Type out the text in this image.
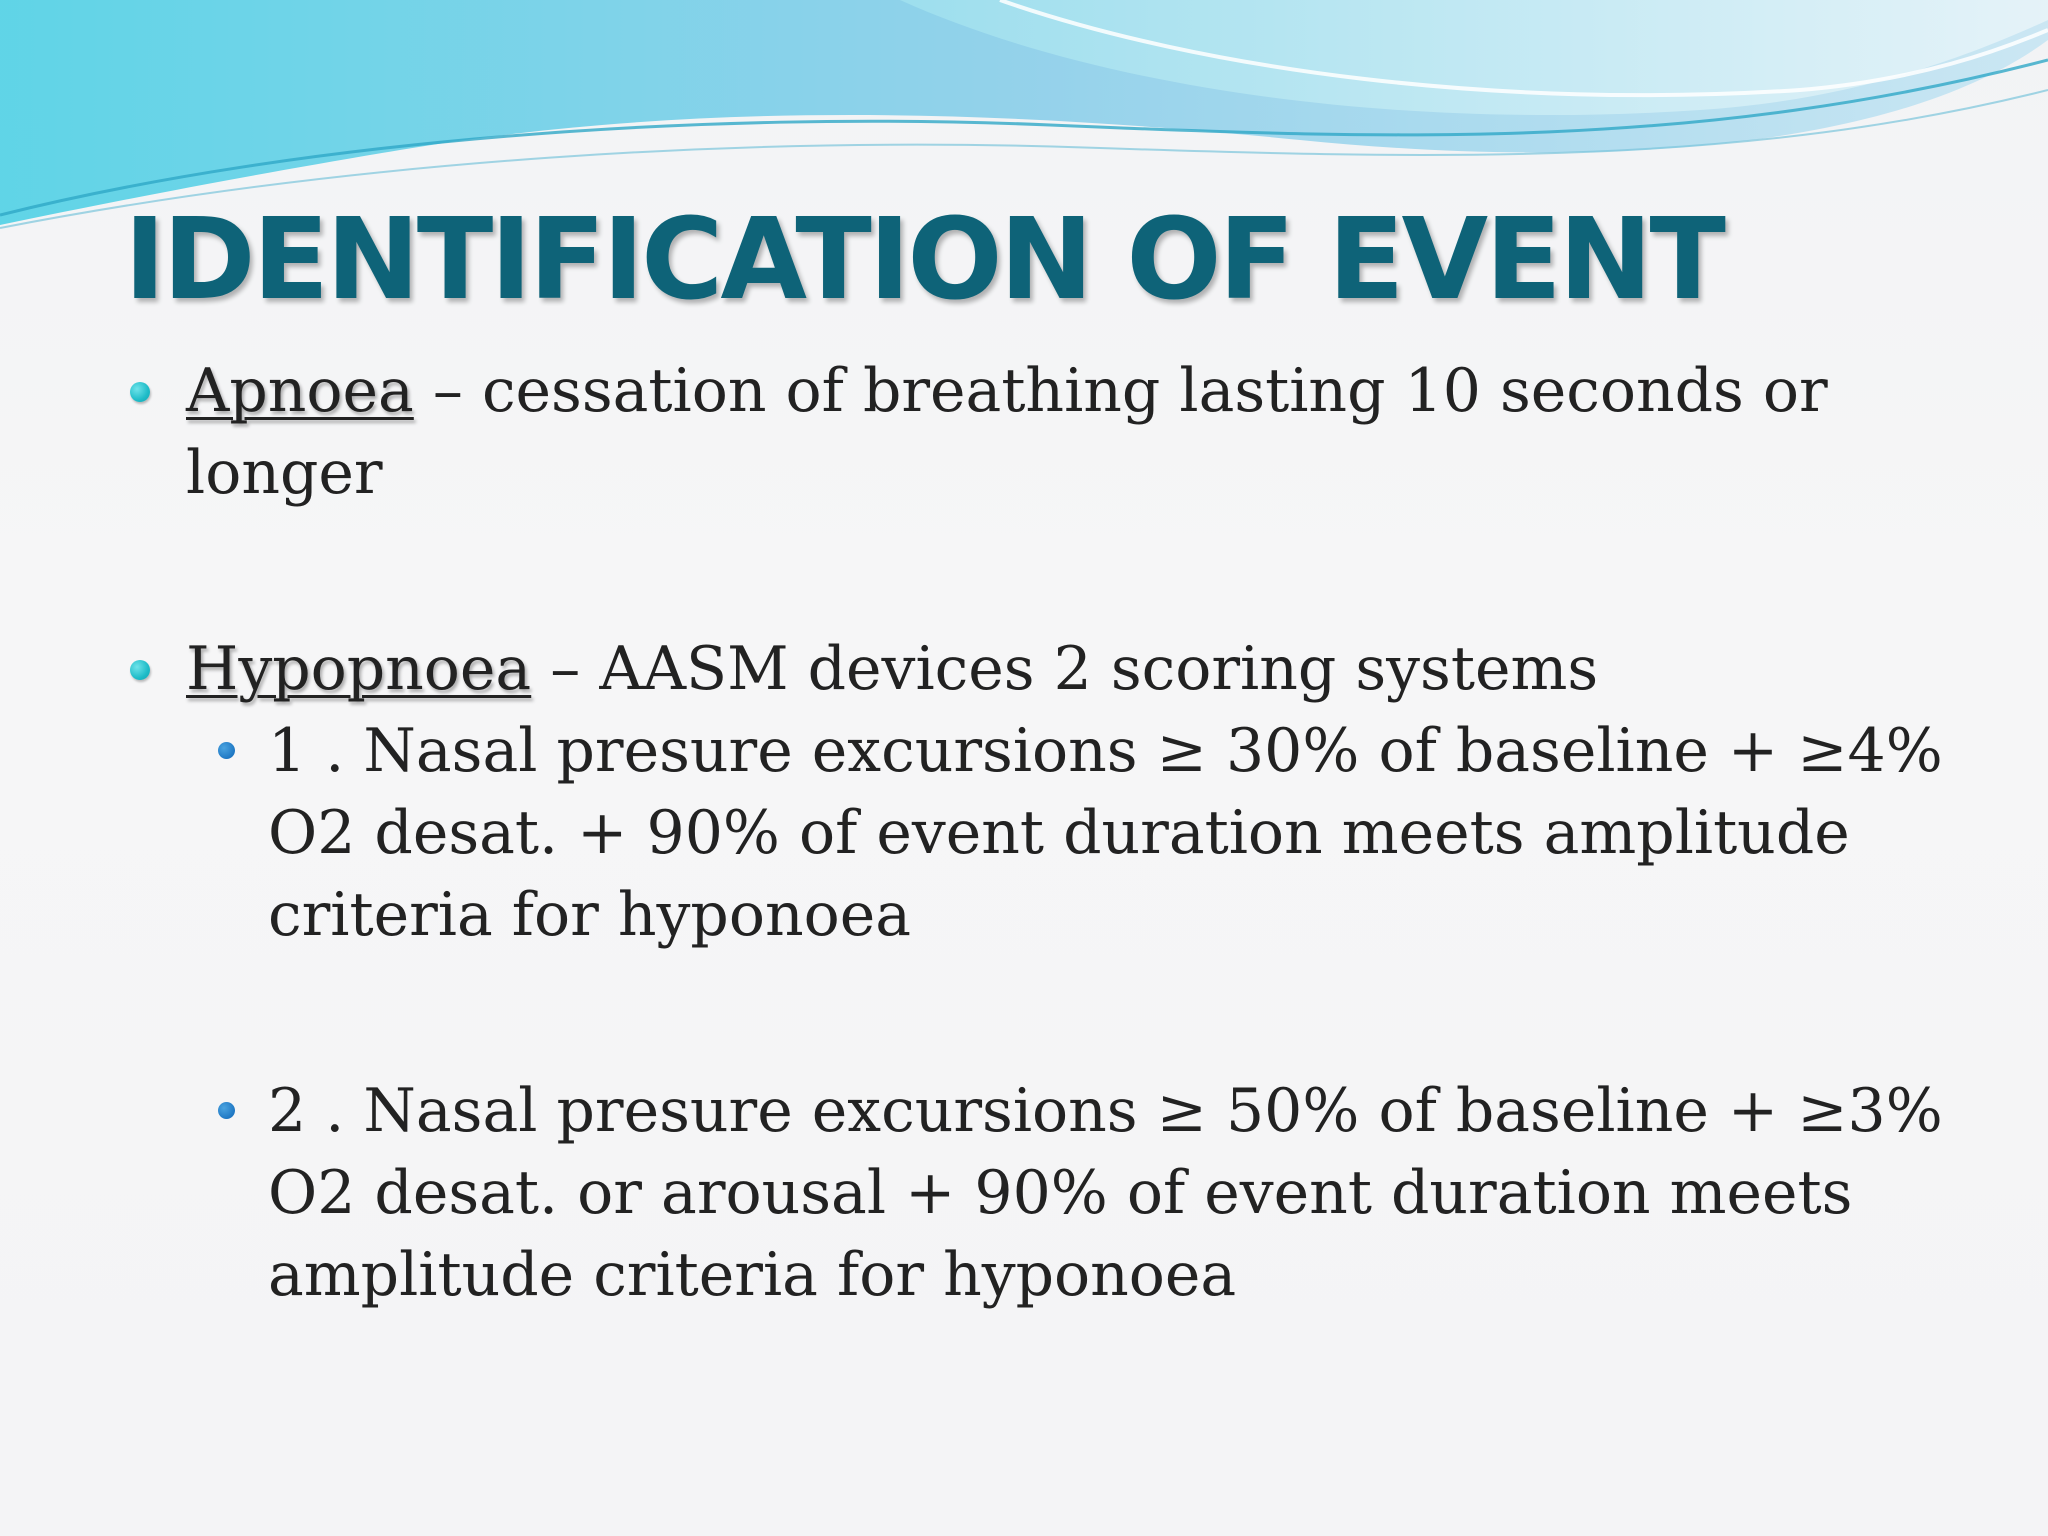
IDENTIFICATION OF EVENT

Apnoea – cessation of breathing lasting 10 seconds or longer

Hypopnoea – AASM devices 2 scoring systems

1 . Nasal presure excursions ≥ 30% of baseline + ≥4% O2 desat. + 90% of event duration meets amplitude criteria for hyponoea

2 . Nasal presure excursions ≥ 50% of baseline + ≥3% O2 desat. or arousal + 90% of event duration meets amplitude criteria for hyponoea
